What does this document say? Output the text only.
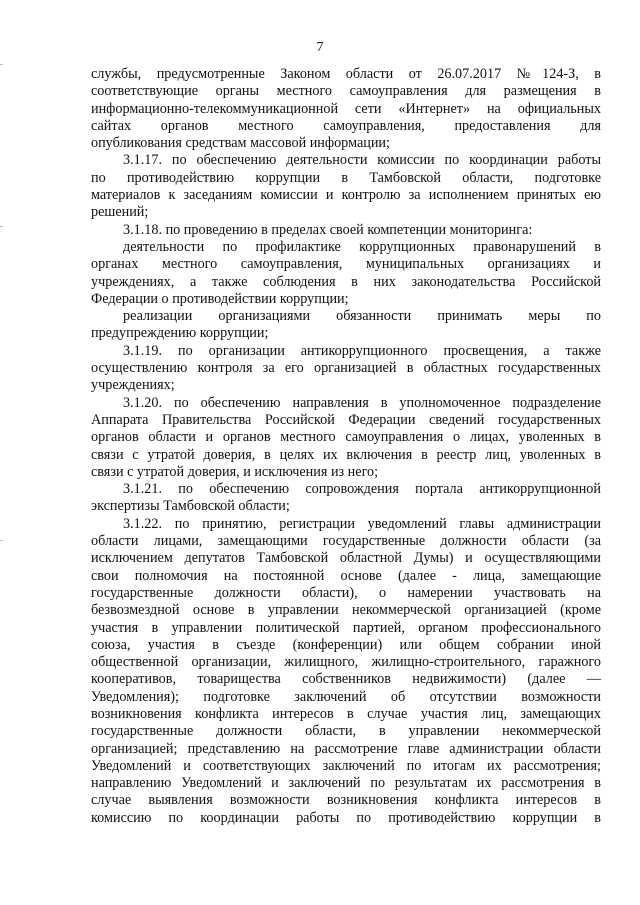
7
службы, предусмотренные Законом области от 26.07.2017 №124-З, в
соответствующие органы местного самоуправления для размещения в
информационно-телекоммуникационной сети «Интернет» на официальных
сайтах органов местного самоуправления, предоставления для
опубликования средствам массовой информации;
3.1.17. по обеспечению деятельности комиссии по координации работы
по противодействию коррупции в Тамбовской области, подготовке
материалов к заседаниям комиссии и контролю за исполнением принятых ею
решений;
3.1.18. по проведению в пределах своей компетенции мониторинга:
деятельности по профилактике коррупционных правонарушений в
органах местного самоуправления, муниципальных организациях и
учреждениях, а также соблюдения в них законодательства Российской
Федерации о противодействии коррупции;
реализации организациями обязанности принимать меры по
предупреждению коррупции;
3.1.19. по организации антикоррупционного просвещения, а также
осуществлению контроля за его организацией в областных государственных
учреждениях;
3.1.20. по обеспечению направления в уполномоченное подразделение
Аппарата Правительства Российской Федерации сведений государственных
органов области и органов местного самоуправления о лицах, уволенных в
связи с утратой доверия, в целях их включения в реестр лиц, уволенных в
связи с утратой доверия, и исключения из него;
3.1.21. по обеспечению сопровождения портала антикоррупционной
экспертизы Тамбовской области;
3.1.22. по принятию, регистрации уведомлений главы администрации
области лицами, замещающими государственные должности области (за
исключением депутатов Тамбовской областной Думы) и осуществляющими
свои полномочия на постоянной основе (далее - лица, замещающие
государственные должности области), о намерении участвовать на
безвозмездной основе в управлении некоммерческой организацией (кроме
участия в управлении политической партией, органом профессионального
союза, участия в съезде (конференции) или общем собрании иной
общественной организации, жилищного, жилищно-строительного, гаражного
кооперативов, товарищества собственников недвижимости) (далее —
Уведомления); подготовке заключений об отсутствии возможности
возникновения конфликта интересов в случае участия лиц, замещающих
государственные должности области, в управлении некоммерческой
организацией; представлению на рассмотрение главе администрации области
Уведомлений и соответствующих заключений по итогам их рассмотрения;
направлению Уведомлений и заключений по результатам их рассмотрения в
случае выявления возможности возникновения конфликта интересов в
комиссию по координации работы по противодействию коррупции в
